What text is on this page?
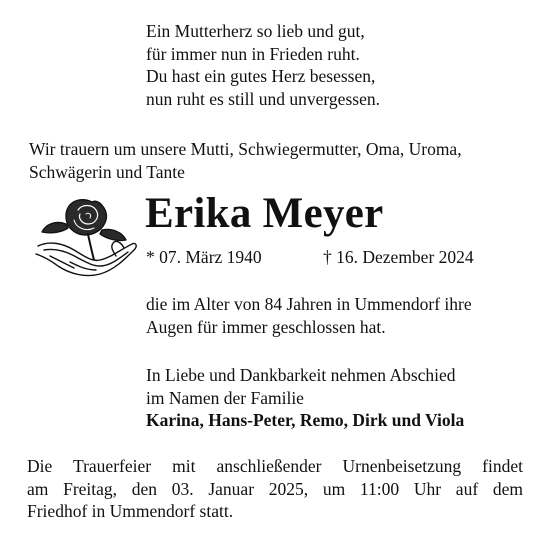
Ein Mutterherz so lieb und gut,
für immer nun in Frieden ruht.
Du hast ein gutes Herz besessen,
nun ruht es still und unvergessen.
Wir trauern um unsere Mutti, Schwiegermutter, Oma, Uroma,
Schwägerin und Tante
Erika Meyer
* 07. März 1940	† 16. Dezember 2024
die im Alter von 84 Jahren in Ummendorf ihre
Augen für immer geschlossen hat.
In Liebe und Dankbarkeit nehmen Abschied
im Namen der Familie
Karina, Hans-Peter, Remo, Dirk und Viola
Die Trauerfeier mit anschließender Urnenbeisetzung findet
am Freitag, den 03. Januar 2025, um 11:00 Uhr auf dem
Friedhof in Ummendorf statt.
